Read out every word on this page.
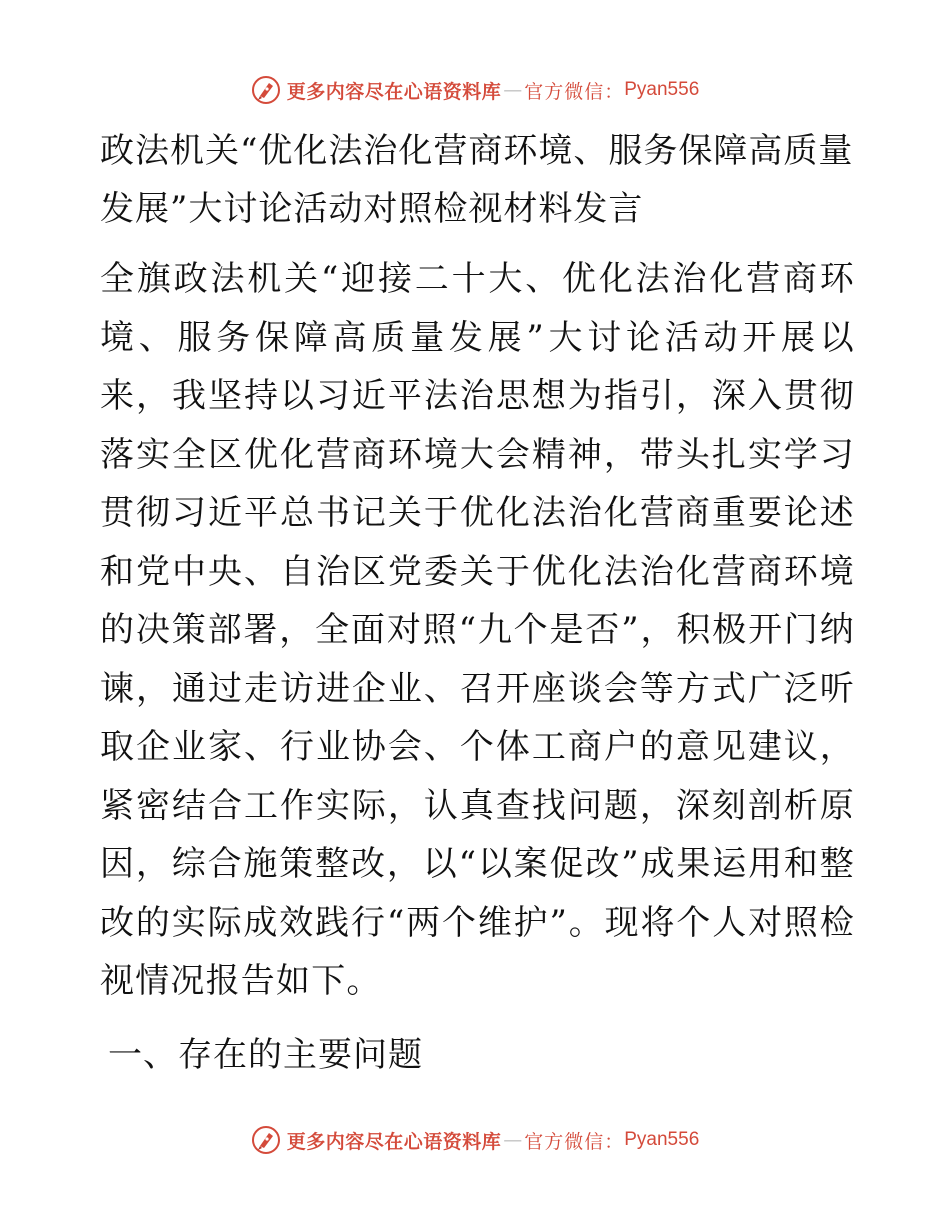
更多内容尽在心语资料库 — 官方微信： Pyan556
政法机关“优化法治化营商环境、服务保障高质量发展”大讨论活动对照检视材料发言

全旗政法机关“迎接二十大、优化法治化营商环境、服务保障高质量发展”大讨论活动开展以来，我坚持以习近平法治思想为指引，深入贯彻落实全区优化营商环境大会精神，带头扎实学习贯彻习近平总书记关于优化法治化营商重要论述和党中央、自治区党委关于优化法治化营商环境的决策部署，全面对照“九个是否”，积极开门纳谏，通过走访进企业、召开座谈会等方式广泛听取企业家、行业协会、个体工商户的意见建议，紧密结合工作实际，认真查找问题，深刻剖析原因，综合施策整改，以“以案促改”成果运用和整改的实际成效践行“两个维护”。现将个人对照检视情况报告如下。

一、存在的主要问题
更多内容尽在心语资料库 — 官方微信： Pyan556
